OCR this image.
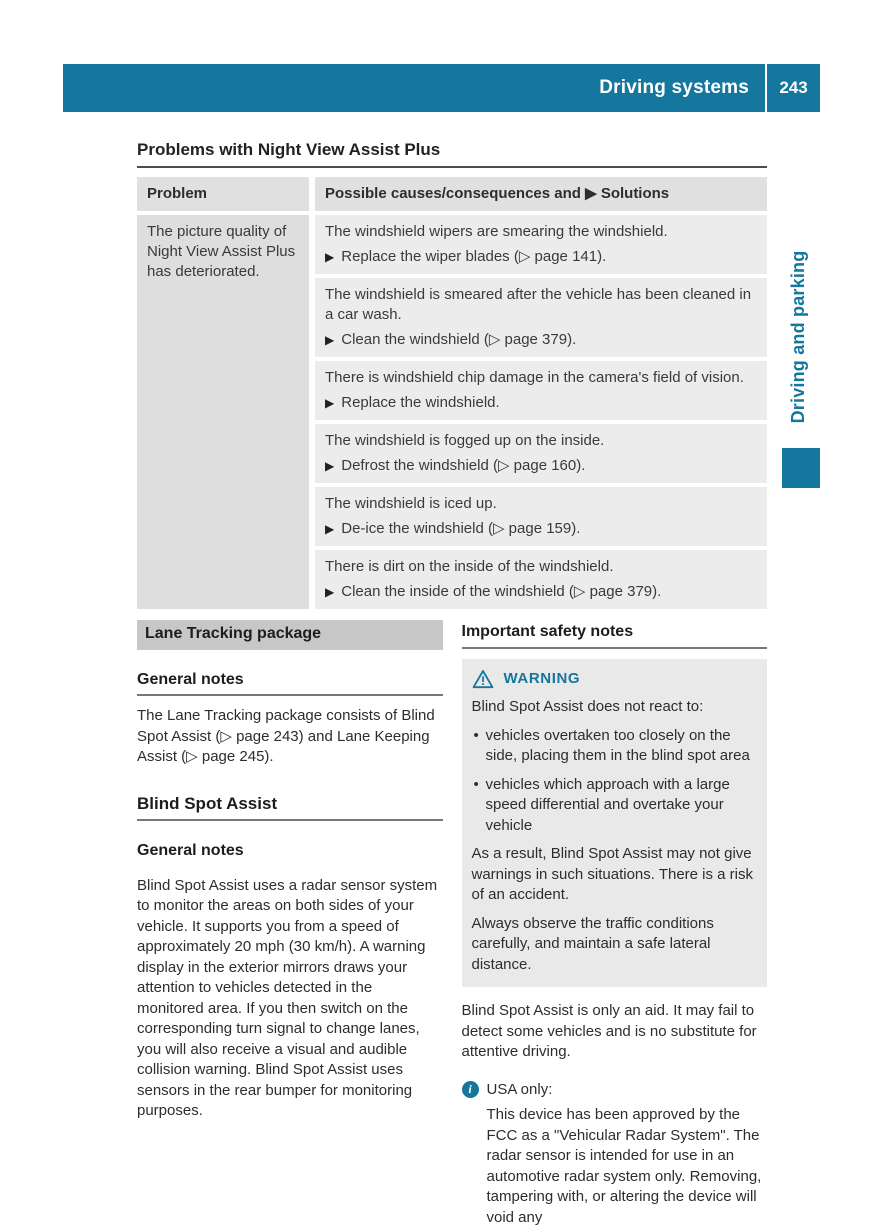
Driving systems	243
Driving and parking
Problems with Night View Assist Plus
Problem	Possible causes/consequences and ▶ Solutions
The picture quality of Night View Assist Plus has deteriorated.

The windshield wipers are smearing the windshield.

▶ Replace the wiper blades (▷ page 141).

The windshield is smeared after the vehicle has been cleaned in a car wash.

▶ Clean the windshield (▷ page 379).

There is windshield chip damage in the camera's field of vision.

▶ Replace the windshield.

The windshield is fogged up on the inside.

▶ Defrost the windshield (▷ page 160).

The windshield is iced up.

▶ De-ice the windshield (▷ page 159).

There is dirt on the inside of the windshield.

▶ Clean the inside of the windshield (▷ page 379).

Lane Tracking package
General notes

The Lane Tracking package consists of Blind Spot Assist (▷ page 243) and Lane Keeping Assist (▷ page 245).

Blind Spot Assist
General notes

Blind Spot Assist uses a radar sensor system to monitor the areas on both sides of your vehicle. It supports you from a speed of approximately 20 mph (30 km/h). A warning display in the exterior mirrors draws your attention to vehicles detected in the monitored area. If you then switch on the corresponding turn signal to change lanes, you will also receive a visual and audible collision warning. Blind Spot Assist uses sensors in the rear bumper for monitoring purposes.

Important safety notes
WARNING

Blind Spot Assist does not react to:

• vehicles overtaken too closely on the side, placing them in the blind spot area
• vehicles which approach with a large speed differential and overtake your vehicle

As a result, Blind Spot Assist may not give warnings in such situations. There is a risk of an accident.

Always observe the traffic conditions carefully, and maintain a safe lateral distance.

Blind Spot Assist is only an aid. It may fail to detect some vehicles and is no substitute for attentive driving.

i USA only:

This device has been approved by the FCC as a "Vehicular Radar System". The radar sensor is intended for use in an automotive radar system only. Removing, tampering with, or altering the device will void any
